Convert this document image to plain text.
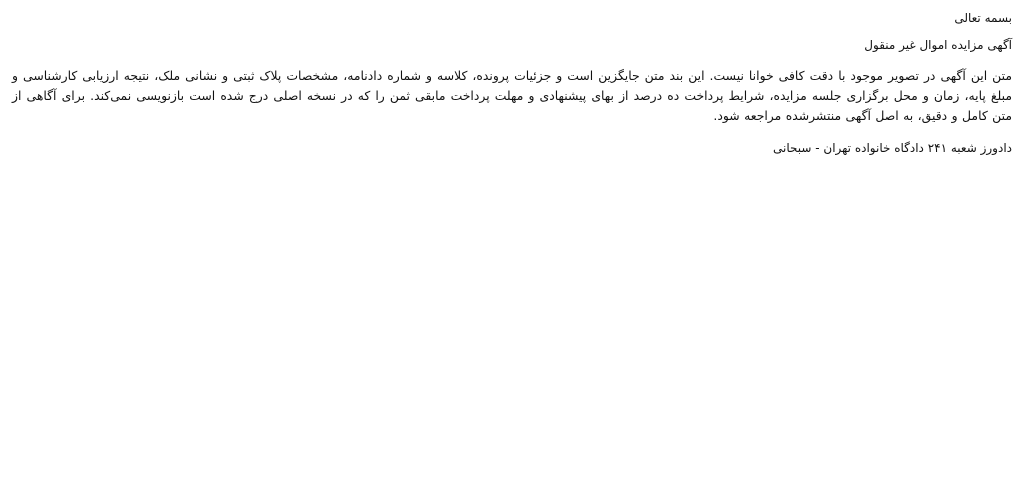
بسمه تعالی
آگهی مزایده اموال غیر منقول
متن این آگهی در تصویر موجود با دقت کافی خوانا نیست. این بند متن جایگزین است و جزئیات پرونده، کلاسه و شماره دادنامه، مشخصات پلاک ثبتی و نشانی ملک، نتیجه ارزیابی کارشناسی و مبلغ پایه، زمان و محل برگزاری جلسه مزایده، شرایط پرداخت ده درصد از بهای پیشنهادی و مهلت پرداخت مابقی ثمن را که در نسخه اصلی درج شده است بازنویسی نمی‌کند. برای آگاهی از متن کامل و دقیق، به اصل آگهی منتشرشده مراجعه شود.
دادورز شعبه ۲۴۱ دادگاه خانواده تهران - سبحانی
